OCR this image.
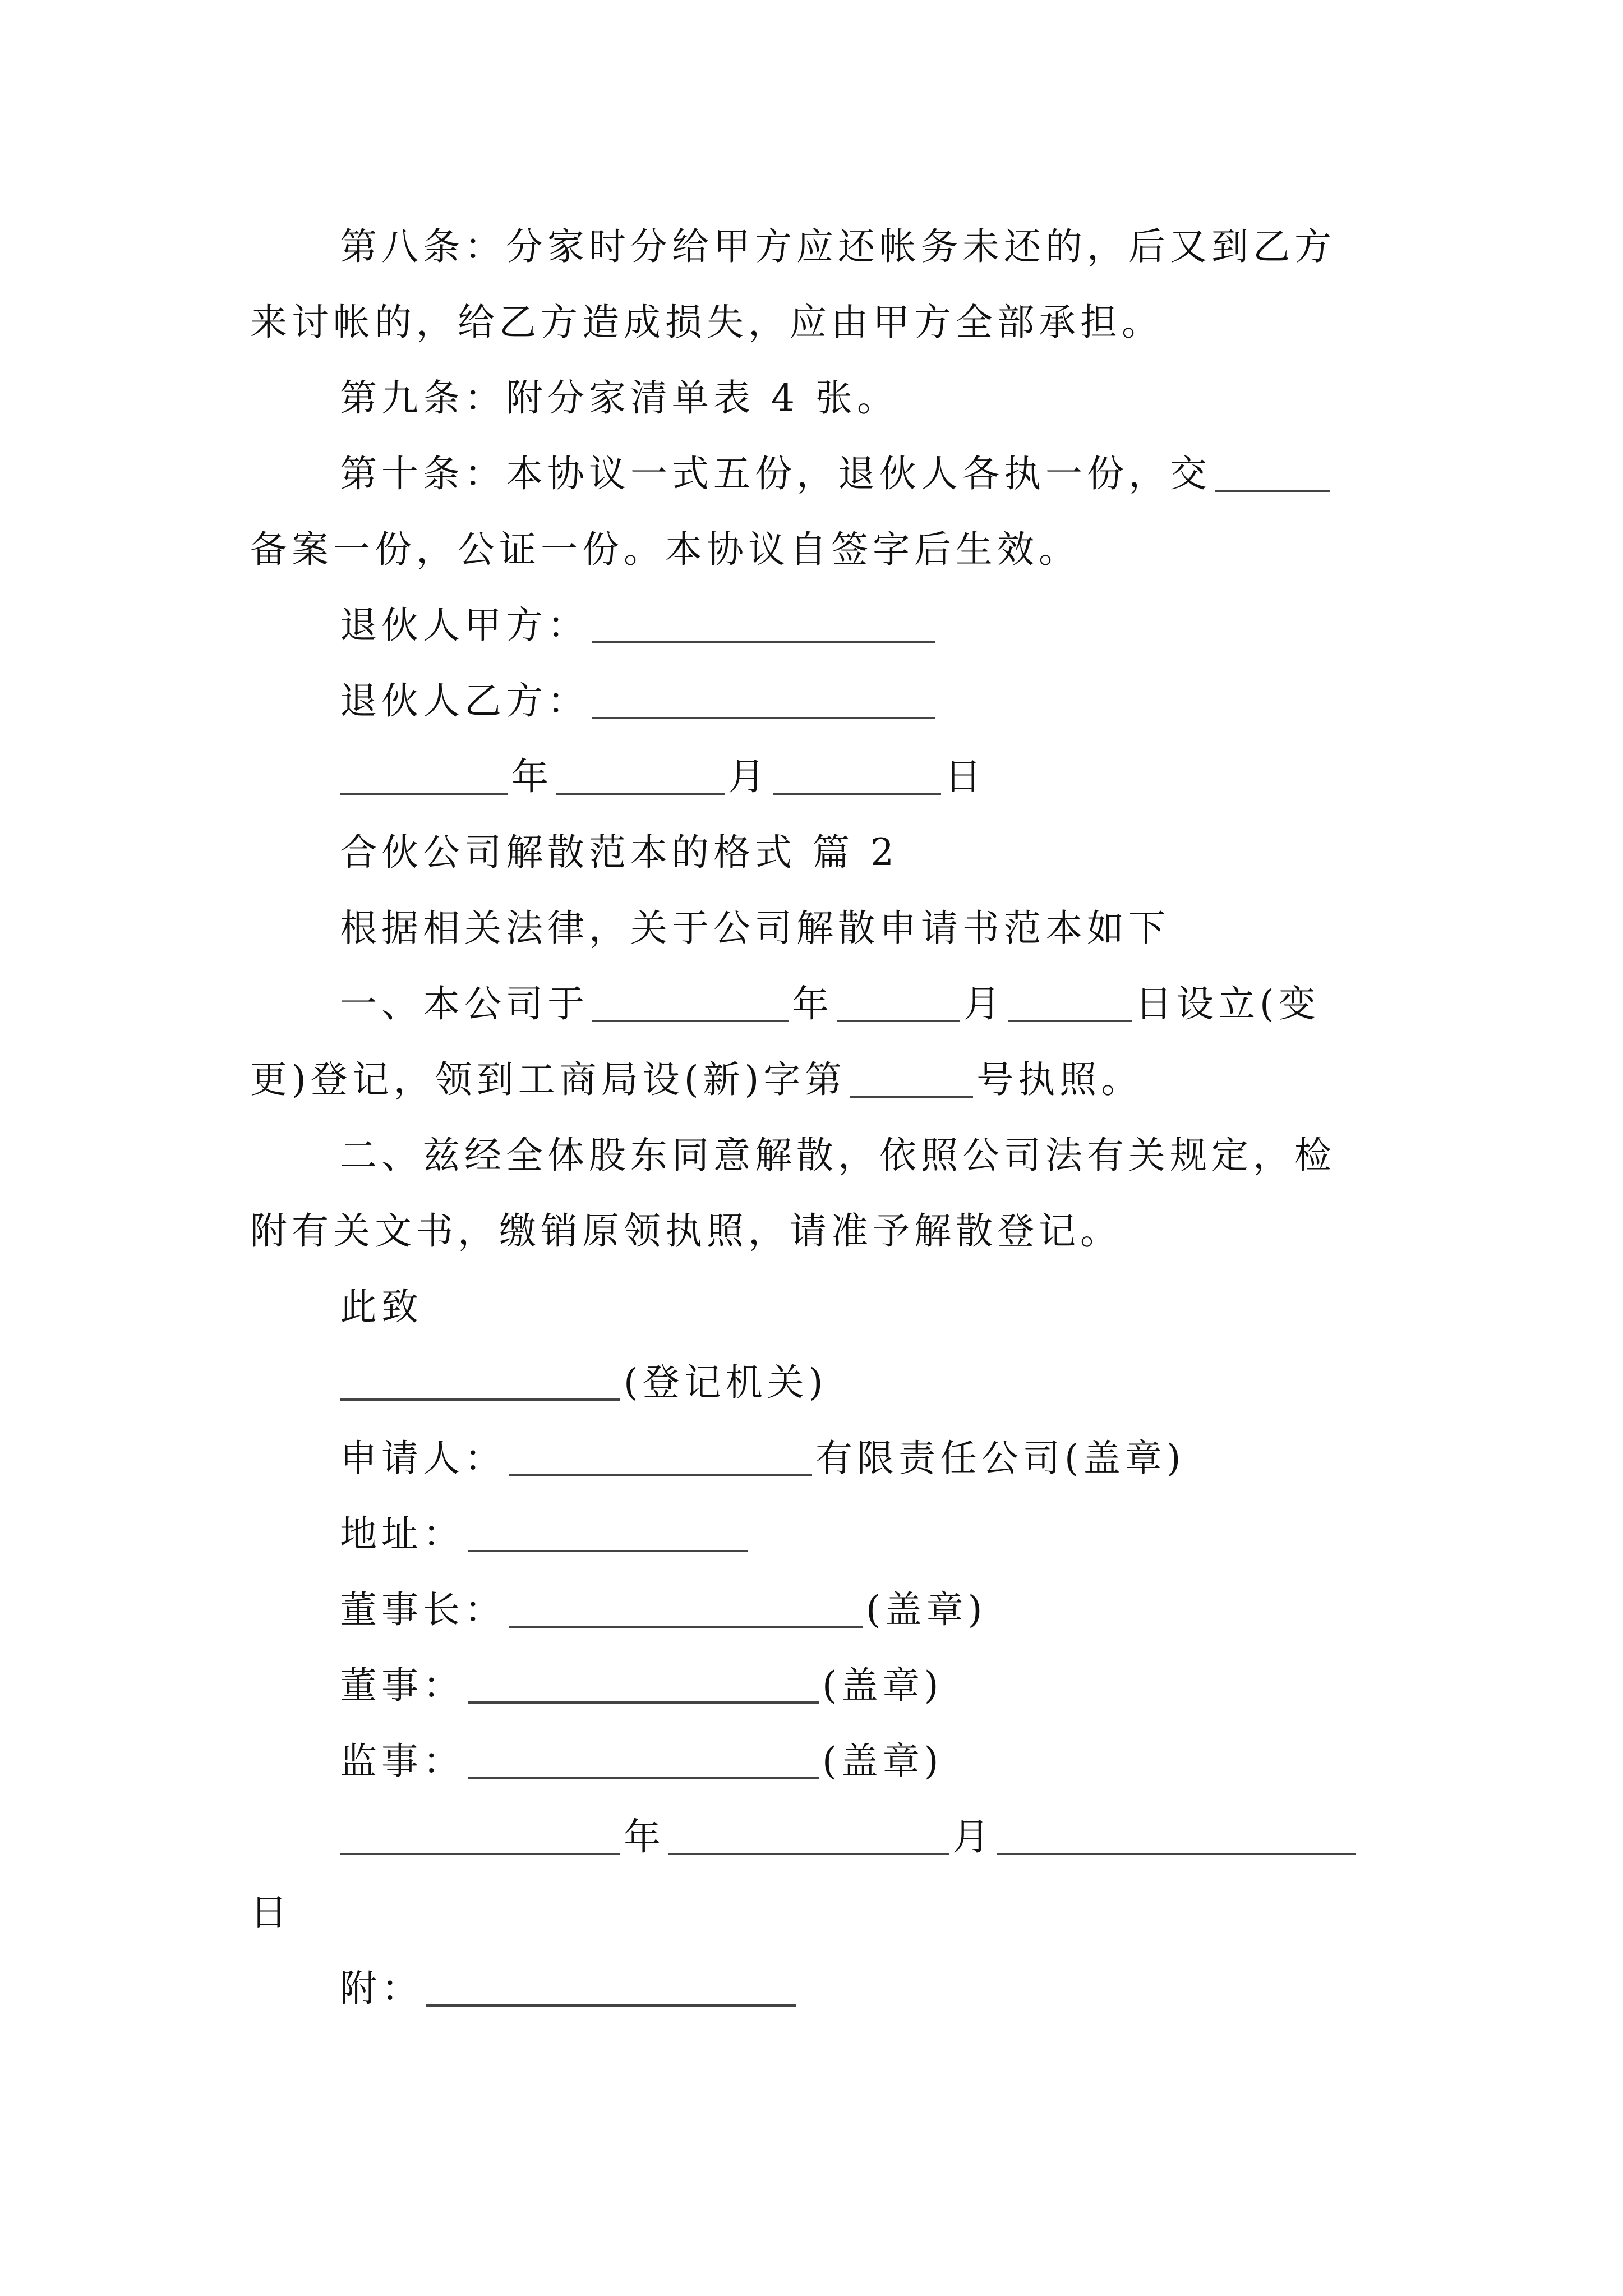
第八条：分家时分给甲方应还帐务未还的，后又到乙方
来讨帐的，给乙方造成损失，应由甲方全部承担。
第九条：附分家清单表 4 张。
第十条：本协议一式五份，退伙人各执一份，交
备案一份，公证一份。本协议自签字后生效。
退伙人甲方：
退伙人乙方：
年	月	日
合伙公司解散范本的格式 篇 2
根据相关法律，关于公司解散申请书范本如下
一、本公司于	年	月	日设立(变
更)登记，领到工商局设(新)字第	号执照。
二、兹经全体股东同意解散，依照公司法有关规定，检
附有关文书，缴销原领执照，请准予解散登记。
此致
(登记机关)
申请人：	有限责任公司(盖章)
地址：
董事长：	(盖章)
董事：	(盖章)
监事：	(盖章)
年	月
日
附：
